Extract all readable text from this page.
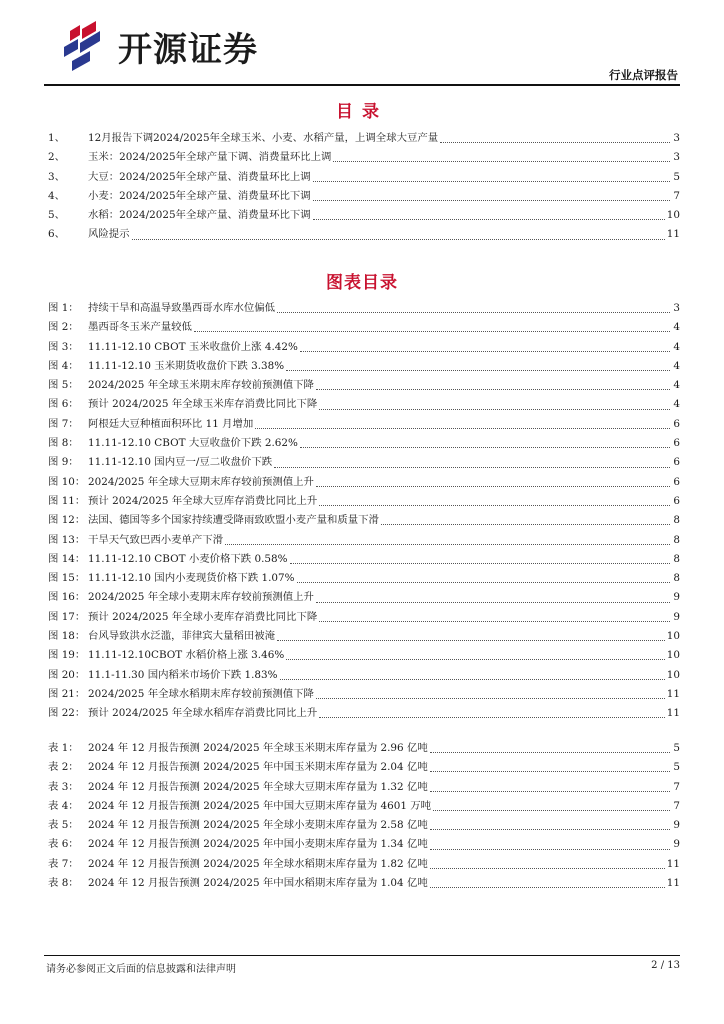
开源证券
行业点评报告
目录
1、	12月报告下调2024/2025年全球玉米、小麦、水稻产量，上调全球大豆产量	3
2、	玉米：2024/2025年全球产量下调、消费量环比上调	3
3、	大豆：2024/2025年全球产量、消费量环比上调	5
4、	小麦：2024/2025年全球产量、消费量环比下调	7
5、	水稻：2024/2025年全球产量、消费量环比下调	10
6、	风险提示	11
图表目录
图 1： 持续干旱和高温导致墨西哥水库水位偏低	3
图 2： 墨西哥冬玉米产量较低	4
图 3： 11.11-12.10 CBOT 玉米收盘价上涨 4.42%	4
图 4： 11.11-12.10 玉米期货收盘价下跌 3.38%	4
图 5： 2024/2025 年全球玉米期末库存较前预测值下降	4
图 6： 预计 2024/2025 年全球玉米库存消费比同比下降	4
图 7： 阿根廷大豆种植面积环比 11 月增加	6
图 8： 11.11-12.10 CBOT 大豆收盘价下跌 2.62%	6
图 9： 11.11-12.10 国内豆一/豆二收盘价下跌	6
图 10： 2024/2025 年全球大豆期末库存较前预测值上升	6
图 11： 预计 2024/2025 年全球大豆库存消费比同比上升	6
图 12： 法国、德国等多个国家持续遭受降雨致欧盟小麦产量和质量下滑	8
图 13： 干旱天气致巴西小麦单产下滑	8
图 14： 11.11-12.10 CBOT 小麦价格下跌 0.58%	8
图 15： 11.11-12.10 国内小麦现货价格下跌 1.07%	8
图 16： 2024/2025 年全球小麦期末库存较前预测值上升	9
图 17： 预计 2024/2025 年全球小麦库存消费比同比下降	9
图 18： 台风导致洪水泛滥，菲律宾大量稻田被淹	10
图 19： 11.11-12.10CBOT 水稻价格上涨 3.46%	10
图 20： 11.1-11.30 国内稻米市场价下跌 1.83%	10
图 21： 2024/2025 年全球水稻期末库存较前预测值下降	11
图 22： 预计 2024/2025 年全球水稻库存消费比同比上升	11
表 1： 2024 年 12 月报告预测 2024/2025 年全球玉米期末库存量为 2.96 亿吨	5
表 2： 2024 年 12 月报告预测 2024/2025 年中国玉米期末库存量为 2.04 亿吨	5
表 3： 2024 年 12 月报告预测 2024/2025 年全球大豆期末库存量为 1.32 亿吨	7
表 4： 2024 年 12 月报告预测 2024/2025 年中国大豆期末库存量为 4601 万吨	7
表 5： 2024 年 12 月报告预测 2024/2025 年全球小麦期末库存量为 2.58 亿吨	9
表 6： 2024 年 12 月报告预测 2024/2025 年中国小麦期末库存量为 1.34 亿吨	9
表 7： 2024 年 12 月报告预测 2024/2025 年全球水稻期末库存量为 1.82 亿吨	11
表 8： 2024 年 12 月报告预测 2024/2025 年中国水稻期末库存量为 1.04 亿吨	11
请务必参阅正文后面的信息披露和法律声明	2 / 13
